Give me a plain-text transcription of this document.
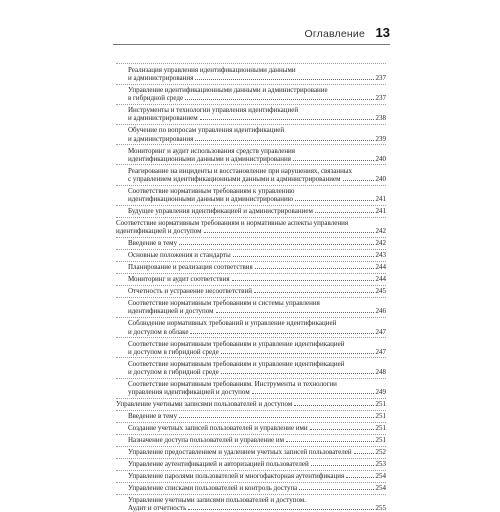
Оглавление 13
Реализация управления идентификационными данными
и администрирования	237
Управление идентификационными данными и администрирование
в гибридной среде	237
Инструменты и технологии управления идентификацией
и администрированием	238
Обучение по вопросам управления идентификацией
и администрирования	239
Мониторинг и аудит использования средств управления
идентификационными данными и администрирования	240
Реагирование на инциденты и восстановление при нарушениях, связанных
с управлением идентификационными данными и администрированием	240
Соответствие нормативным требованиям к управлению
идентификационными данными и администрированию	241
Будущее управления идентификацией и администрированием	241
Соответствие нормативным требованиям и нормативные аспекты управления
идентификацией и доступом	242
Введение в тему	242
Основные положения и стандарты	243
Планирование и реализация соответствия	244
Мониторинг и аудит соответствия	244
Отчетность и устранение несоответствий	245
Соответствие нормативным требованиям и системы управления
идентификацией и доступом	246
Соблюдение нормативных требований и управление идентификацией
и доступом в облаке	247
Соответствие нормативным требованиям и управление идентификацией
и доступом в гибридной среде	247
Соответствие нормативным требованиям и управление идентификацией
и доступом в гибридной среде	248
Соответствие нормативным требованиям. Инструменты и технологии
управления идентификацией и доступом	249
Управление учетными записями пользователей и доступом	251
Введение в тему	251
Создание учетных записей пользователей и управление ими	251
Назначение доступа пользователей и управление им	251
Управление предоставлением и удалением учетных записей пользователей	252
Управление аутентификацией и авторизацией пользователей	253
Управление паролями пользователей и многофакторная аутентификация	254
Управление списками пользователей и контроль доступа	254
Управление учетными записями пользователей и доступом.
Аудит и отчетность	255
